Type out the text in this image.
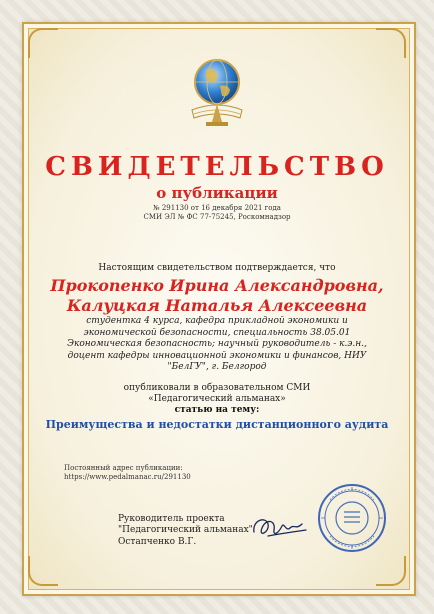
СВИДЕТЕЛЬСТВО
о публикации
№ 291130 от 16 декабря 2021 года
СМИ ЭЛ № ФС 77-75245, Роскомнадзор
Настоящим свидетельством подтверждается, что
Прокопенко Ирина Александровна,
Калуцкая Наталья Алексеевна
студентка 4 курса, кафедра прикладной экономики и экономической безопасности, специальность 38.05.01 Экономическая безопасность; научный руководитель - к.э.н., доцент кафедры инновационной экономики и финансов, НИУ "БелГУ", г. Белгород
опубликовали в образовательном СМИ
«Педагогический альманах»
статью на тему:
Преимущества и недостатки дистанционного аудита
Постоянный адрес публикации:
https://www.pedalmanac.ru/291130
Руководитель проекта
"Педагогический альманах"
Остапченко В.Г.
